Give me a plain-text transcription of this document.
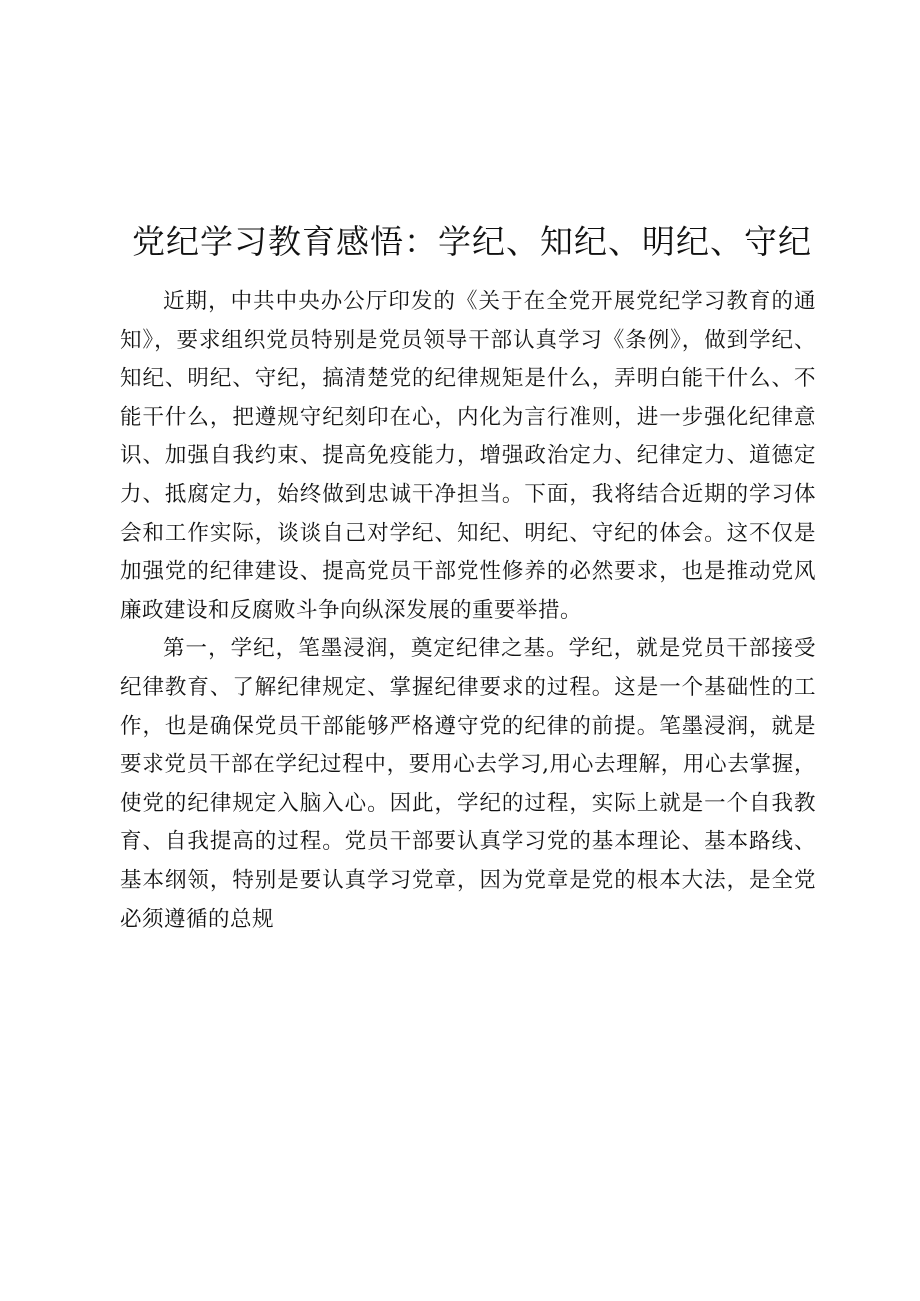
党纪学习教育感悟：学纪、知纪、明纪、守纪

近期，中共中央办公厅印发的《关于在全党开展党纪学习教育的通知》，要求组织党员特别是党员领导干部认真学习《条例》，做到学纪、知纪、明纪、守纪，搞清楚党的纪律规矩是什么，弄明白能干什么、不能干什么，把遵规守纪刻印在心，内化为言行准则，进一步强化纪律意识、加强自我约束、提高免疫能力，增强政治定力、纪律定力、道德定力、抵腐定力，始终做到忠诚干净担当。下面，我将结合近期的学习体会和工作实际，谈谈自己对学纪、知纪、明纪、守纪的体会。这不仅是加强党的纪律建设、提高党员干部党性修养的必然要求，也是推动党风廉政建设和反腐败斗争向纵深发展的重要举措。

第一，学纪，笔墨浸润，奠定纪律之基。学纪，就是党员干部接受纪律教育、了解纪律规定、掌握纪律要求的过程。这是一个基础性的工作，也是确保党员干部能够严格遵守党的纪律的前提。笔墨浸润，就是要求党员干部在学纪过程中，要用心去学习,用心去理解，用心去掌握，使党的纪律规定入脑入心。因此，学纪的过程，实际上就是一个自我教育、自我提高的过程。党员干部要认真学习党的基本理论、基本路线、基本纲领，特别是要认真学习党章，因为党章是党的根本大法，是全党必须遵循的总规
